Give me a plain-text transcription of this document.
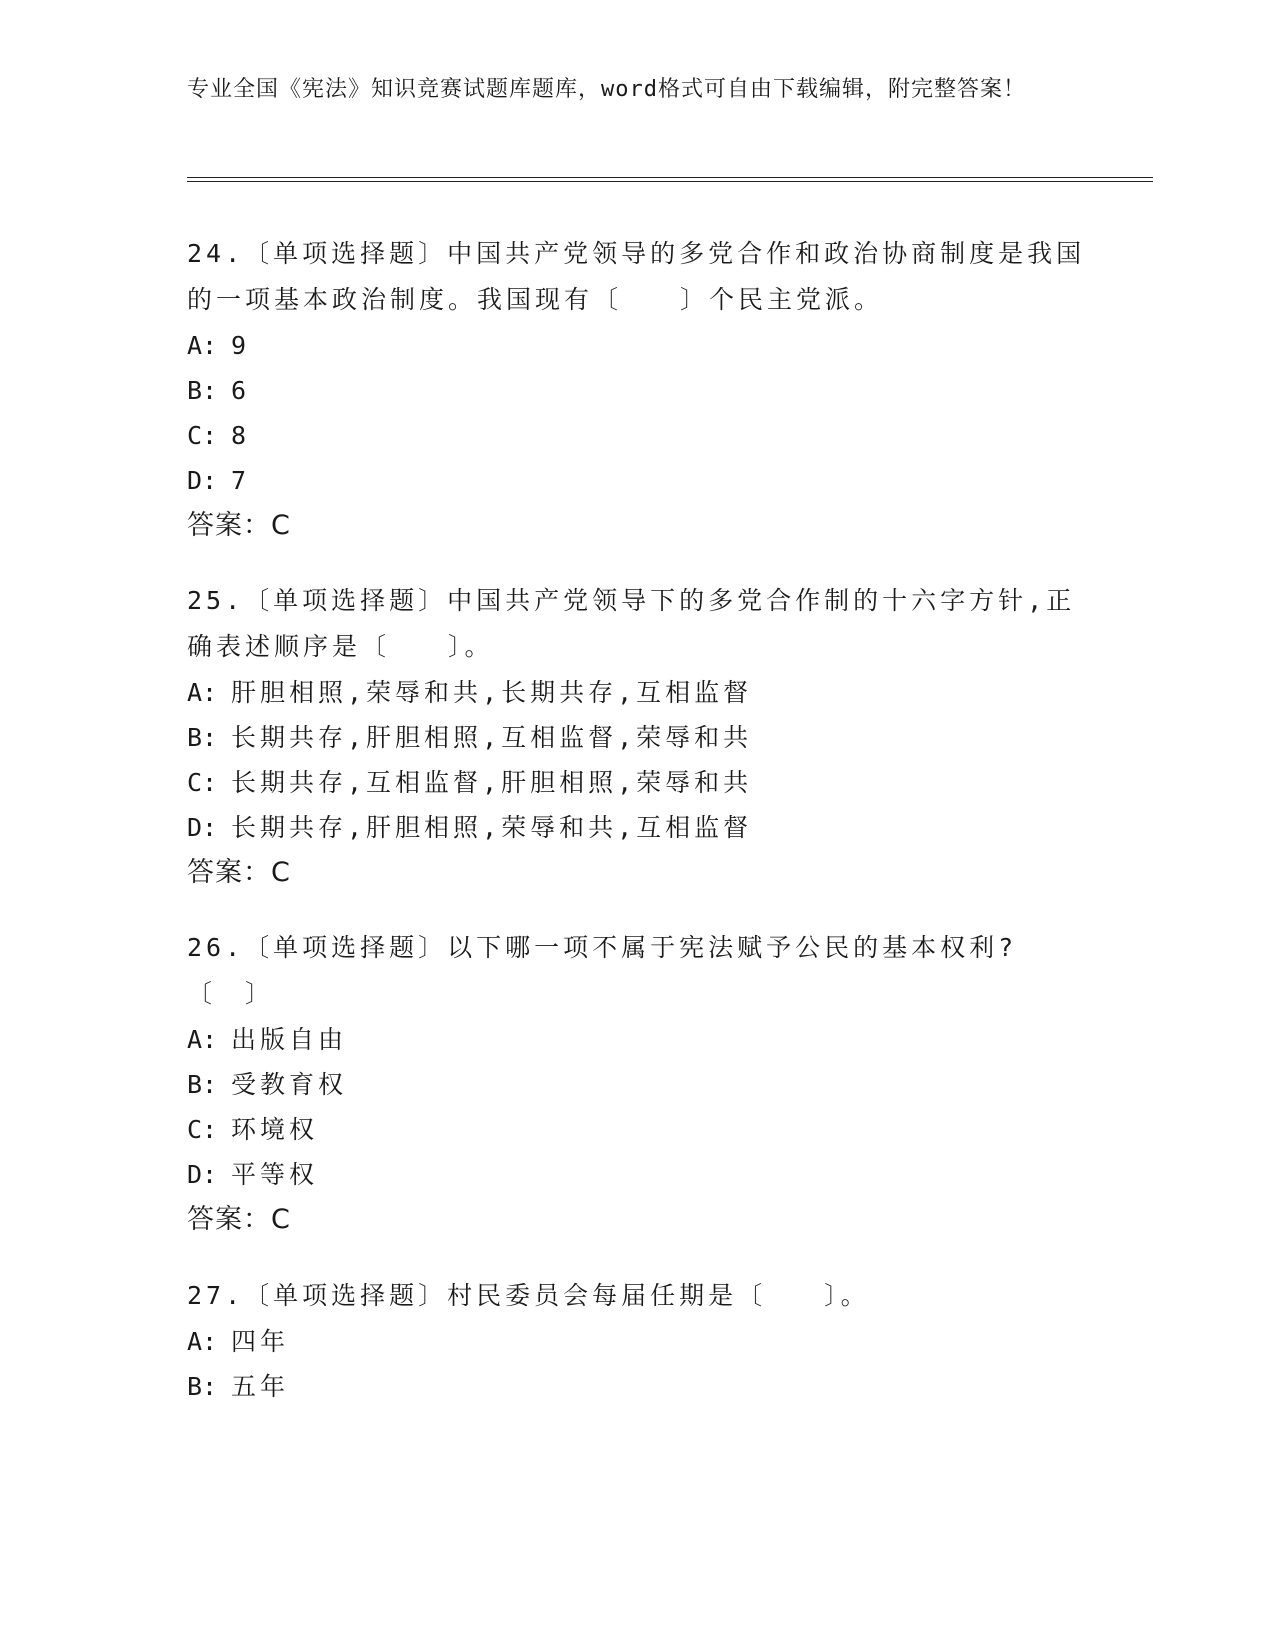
专业全国《宪法》知识竞赛试题库题库，word格式可自由下载编辑，附完整答案！
24.〔单项选择题〕中国共产党领导的多党合作和政治协商制度是我国的一项基本政治制度。我国现有〔　　〕个民主党派。
A: 9
B: 6
C: 8
D: 7
答案：C
25.〔单项选择题〕中国共产党领导下的多党合作制的十六字方针,正确表述顺序是〔　　〕。
A: 肝胆相照,荣辱和共,长期共存,互相监督
B: 长期共存,肝胆相照,互相监督,荣辱和共
C: 长期共存,互相监督,肝胆相照,荣辱和共
D: 长期共存,肝胆相照,荣辱和共,互相监督
答案：C
26.〔单项选择题〕以下哪一项不属于宪法赋予公民的基本权利?〔　〕
A: 出版自由
B: 受教育权
C: 环境权
D: 平等权
答案：C
27.〔单项选择题〕村民委员会每届任期是〔　　〕。
A: 四年
B: 五年
